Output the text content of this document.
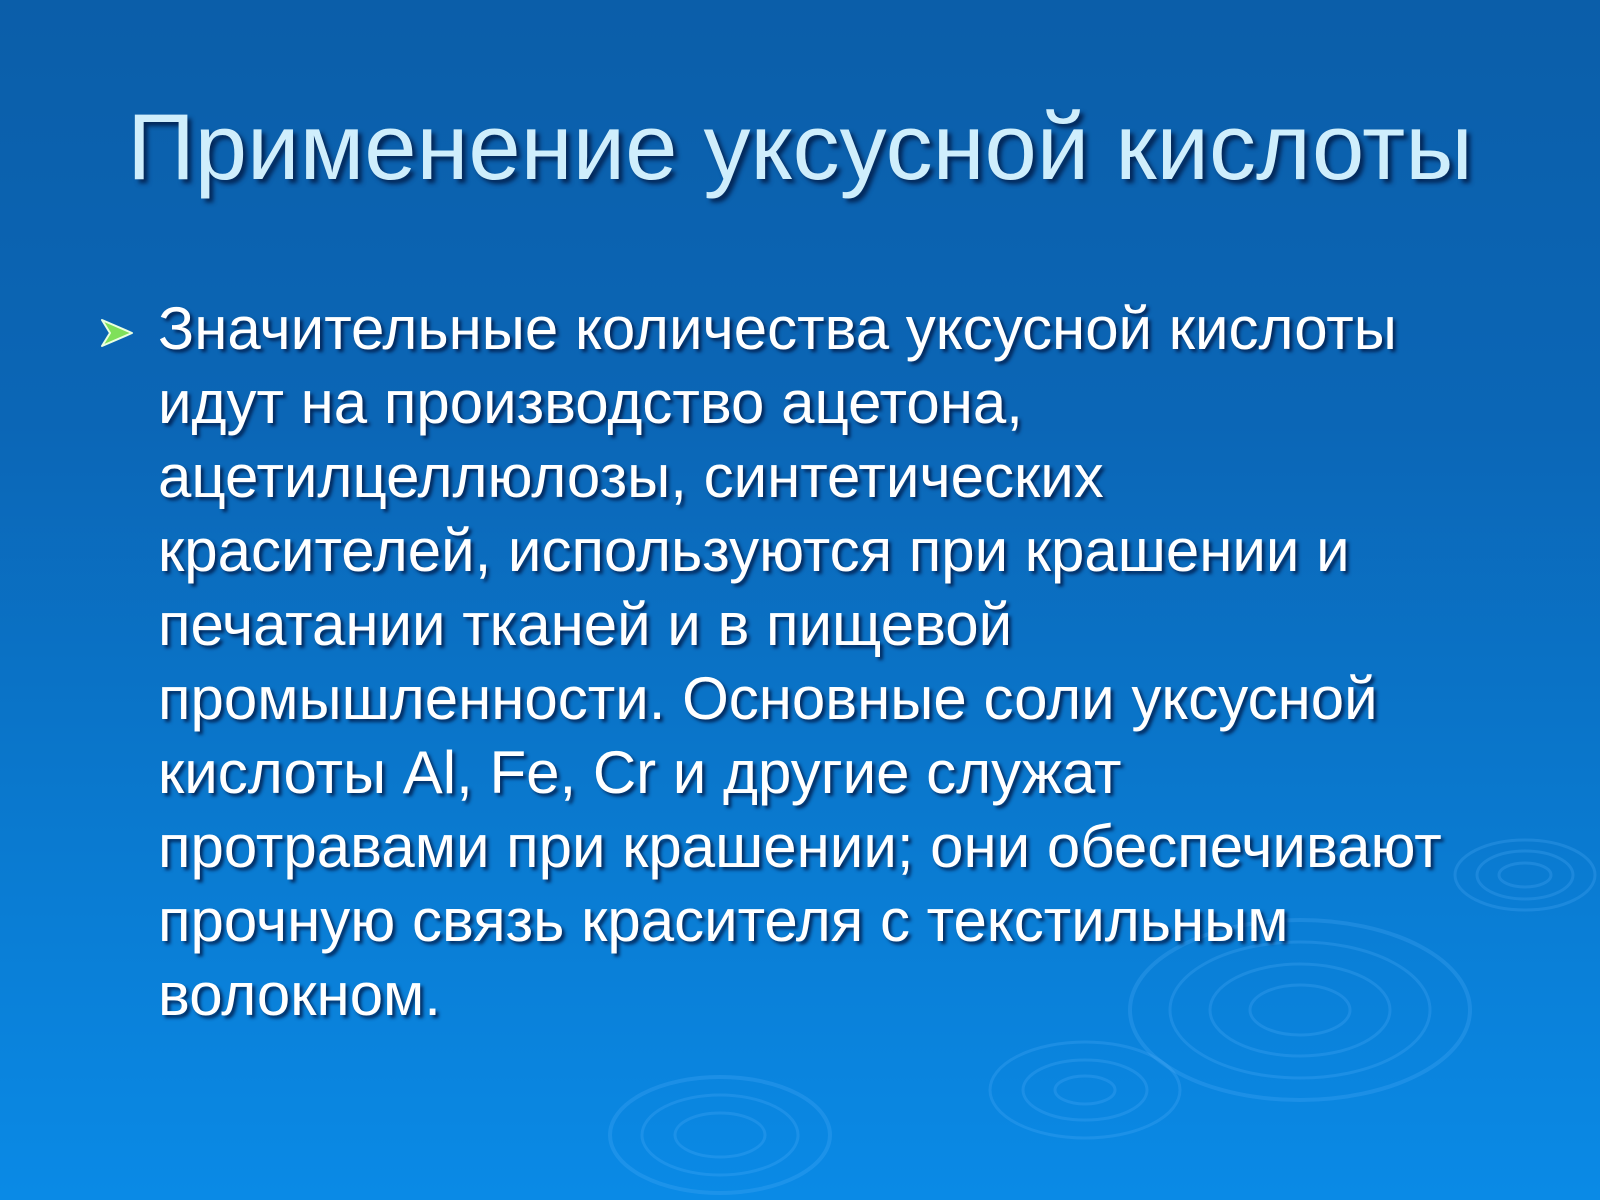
Применение уксусной кислоты

Значительные количества уксусной кислоты
идут на производство ацетона,
ацетилцеллюлозы, синтетических
красителей, используются при крашении и
печатании тканей и в пищевой
промышленности. Основные соли уксусной
кислоты Al, Fe, Cr и другие служат
протравами при крашении; они обеспечивают
прочную связь красителя с текстильным
волокном.
